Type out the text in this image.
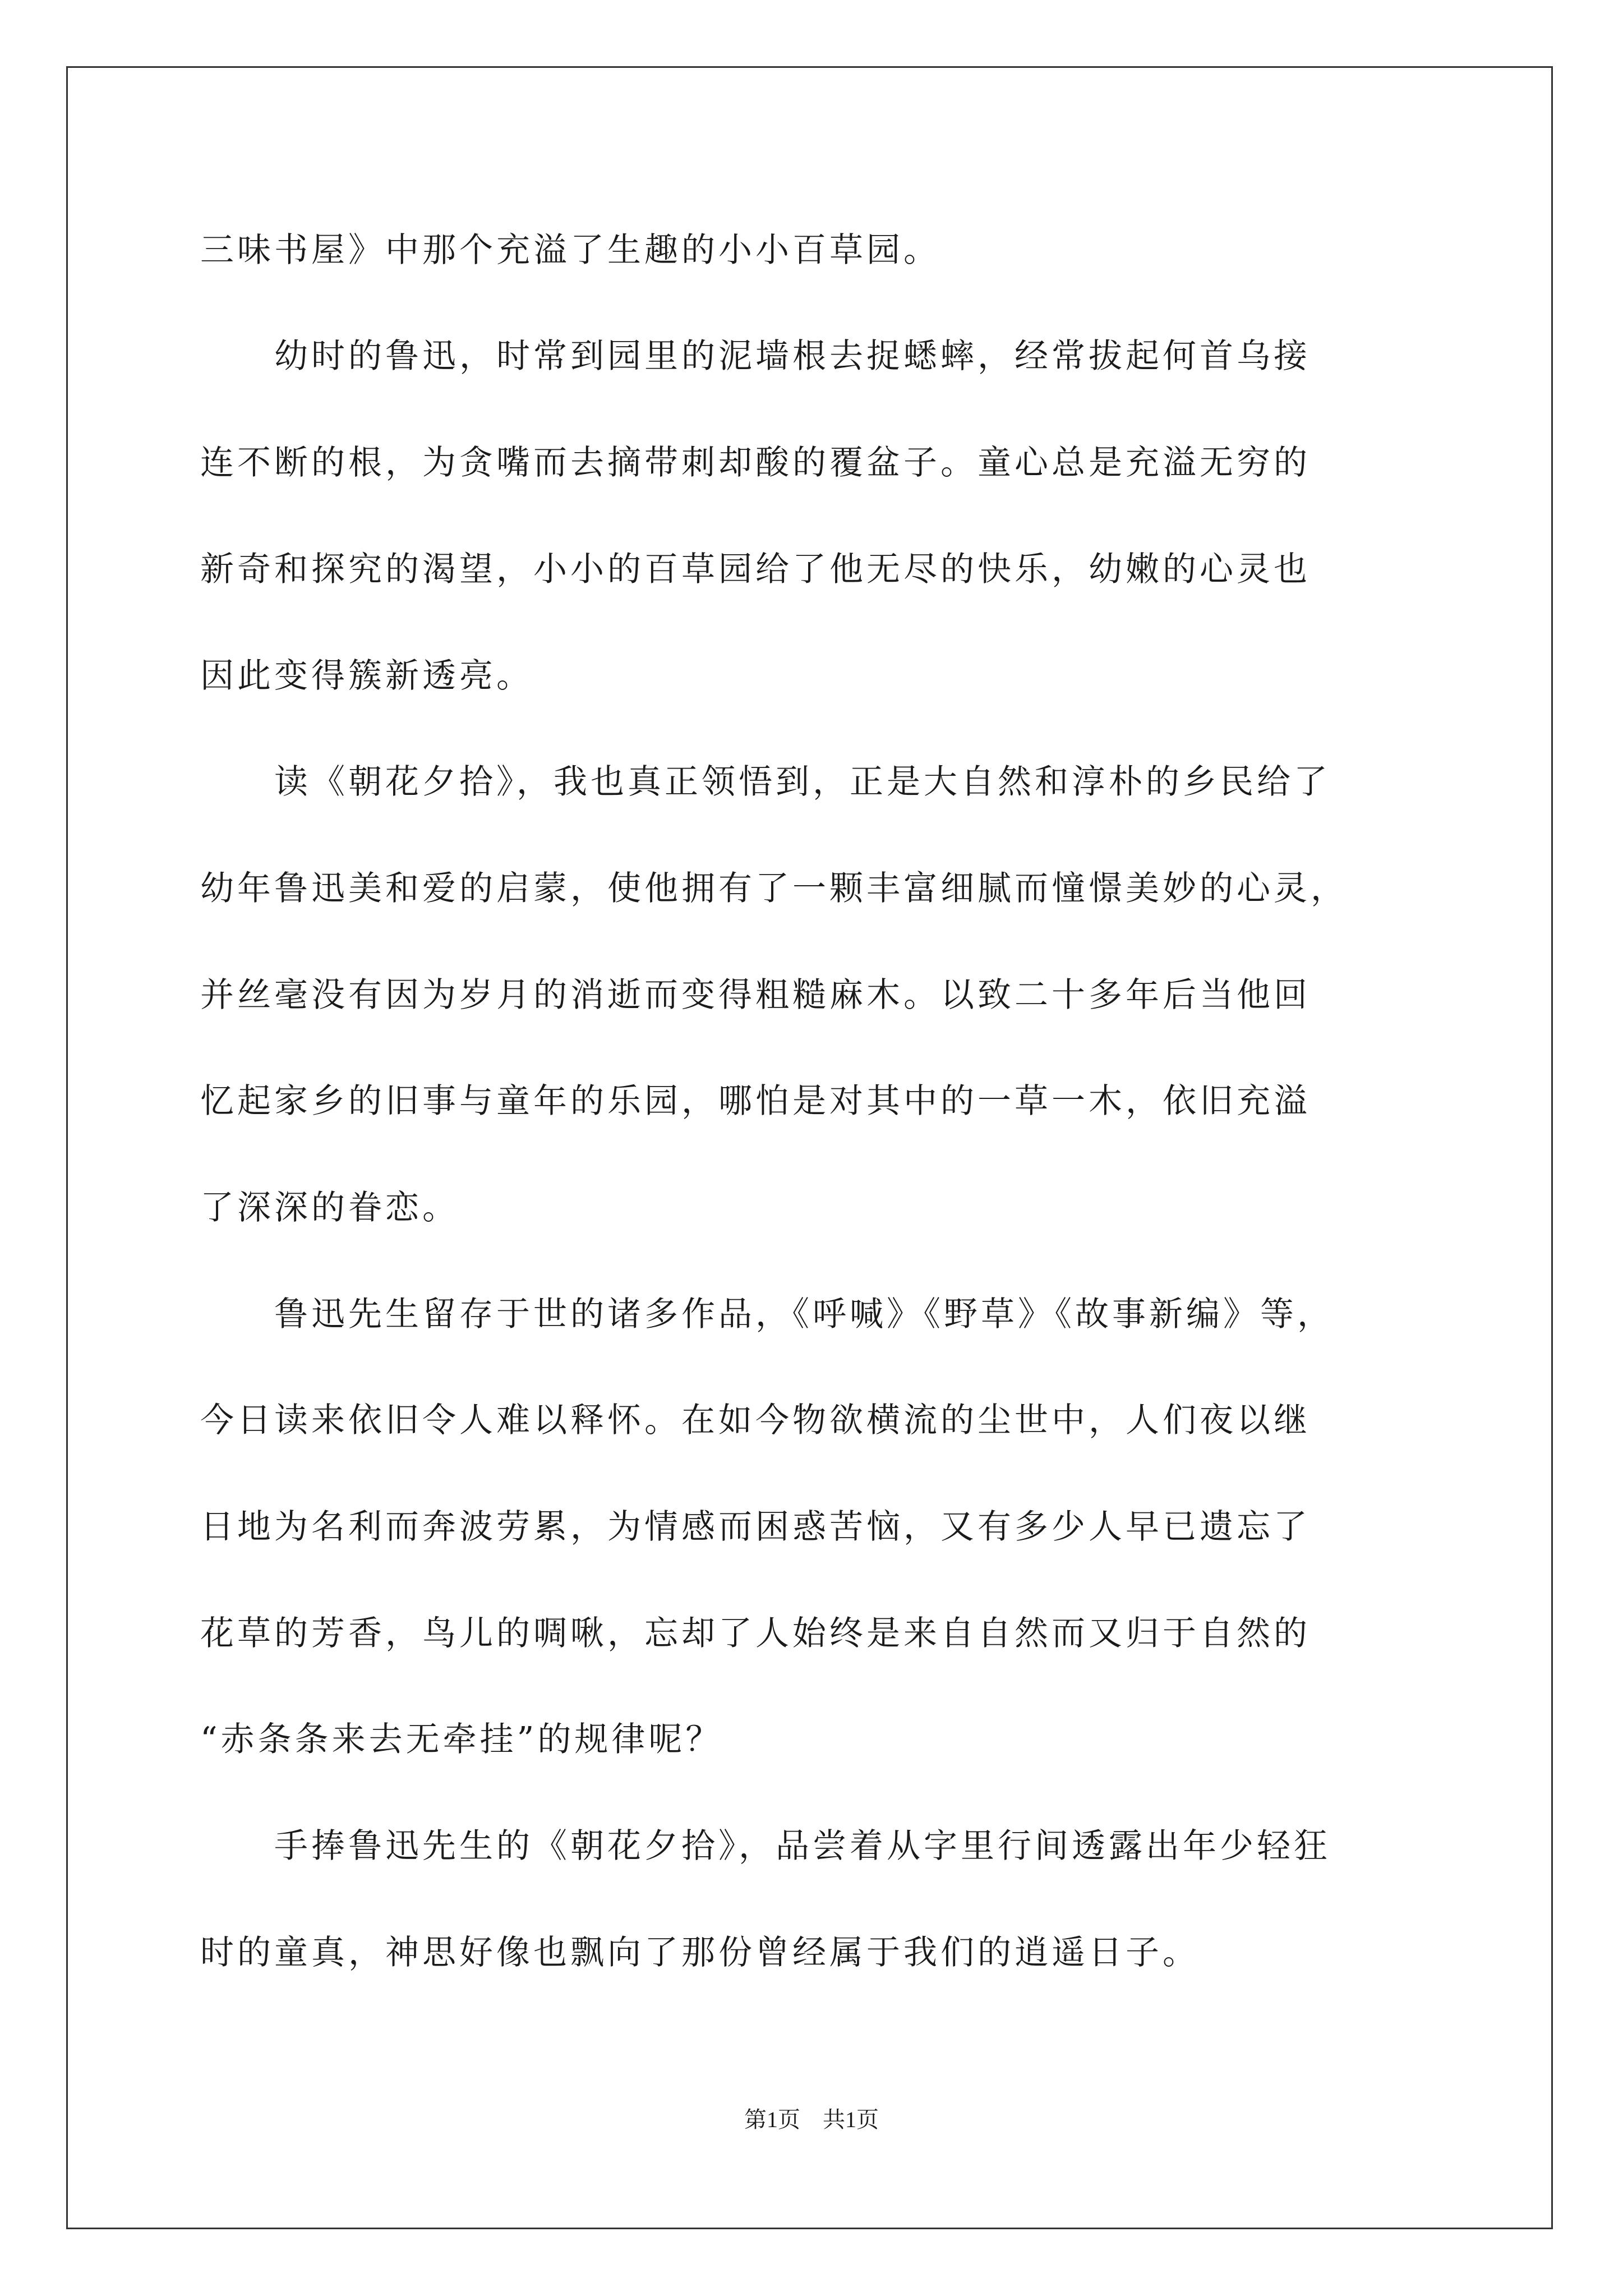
三味书屋》中那个充溢了生趣的小小百草园。
　　幼时的鲁迅，时常到园里的泥墙根去捉蟋蟀，经常拔起何首乌接
连不断的根，为贪嘴而去摘带刺却酸的覆盆子。童心总是充溢无穷的
新奇和探究的渴望，小小的百草园给了他无尽的快乐，幼嫩的心灵也
因此变得簇新透亮。
　　读《朝花夕拾》，我也真正领悟到，正是大自然和淳朴的乡民给了
幼年鲁迅美和爱的启蒙，使他拥有了一颗丰富细腻而憧憬美妙的心灵，
并丝毫没有因为岁月的消逝而变得粗糙麻木。以致二十多年后当他回
忆起家乡的旧事与童年的乐园，哪怕是对其中的一草一木，依旧充溢
了深深的眷恋。
　　鲁迅先生留存于世的诸多作品，《呼喊》《野草》《故事新编》等，
今日读来依旧令人难以释怀。在如今物欲横流的尘世中，人们夜以继
日地为名利而奔波劳累，为情感而困惑苦恼，又有多少人早已遗忘了
花草的芳香，鸟儿的啁啾，忘却了人始终是来自自然而又归于自然的
“赤条条来去无牵挂”的规律呢？
　　手捧鲁迅先生的《朝花夕拾》，品尝着从字里行间透露出年少轻狂
时的童真，神思好像也飘向了那份曾经属于我们的逍遥日子。
第1页　共1页
